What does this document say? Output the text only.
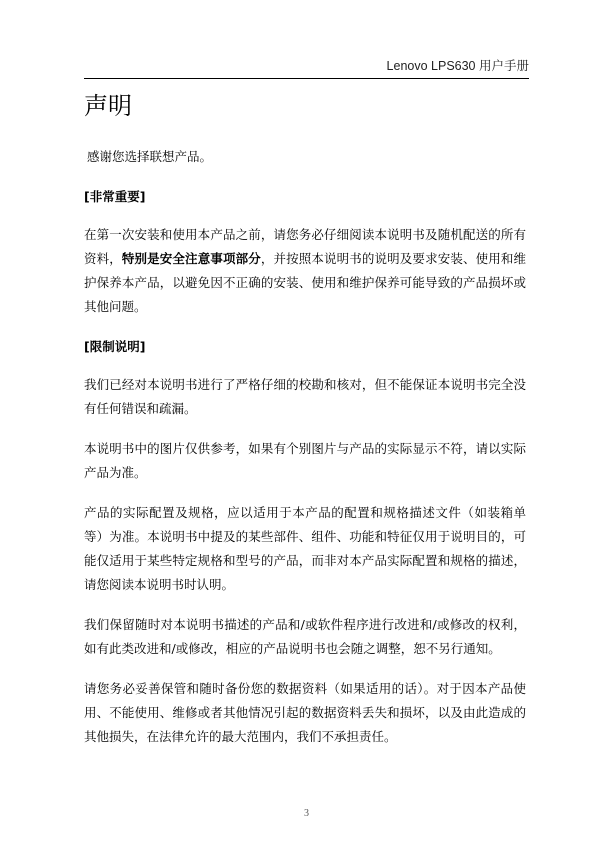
Lenovo LPS630 用户手册
声明

感谢您选择联想产品。

[非常重要]

在第一次安装和使用本产品之前，请您务必仔细阅读本说明书及随机配送的所有资料，特别是安全注意事项部分，并按照本说明书的说明及要求安装、使用和维护保养本产品，以避免因不正确的安装、使用和维护保养可能导致的产品损坏或其他问题。

[限制说明]

我们已经对本说明书进行了严格仔细的校勘和核对，但不能保证本说明书完全没有任何错误和疏漏。

本说明书中的图片仅供参考，如果有个别图片与产品的实际显示不符，请以实际产品为准。

产品的实际配置及规格，应以适用于本产品的配置和规格描述文件（如装箱单等）为准。本说明书中提及的某些部件、组件、功能和特征仅用于说明目的，可能仅适用于某些特定规格和型号的产品，而非对本产品实际配置和规格的描述，请您阅读本说明书时认明。

我们保留随时对本说明书描述的产品和/或软件程序进行改进和/或修改的权利，如有此类改进和/或修改，相应的产品说明书也会随之调整，恕不另行通知。

请您务必妥善保管和随时备份您的数据资料（如果适用的话）。对于因本产品使用、不能使用、维修或者其他情况引起的数据资料丢失和损坏，以及由此造成的其他损失，在法律允许的最大范围内，我们不承担责任。

3
